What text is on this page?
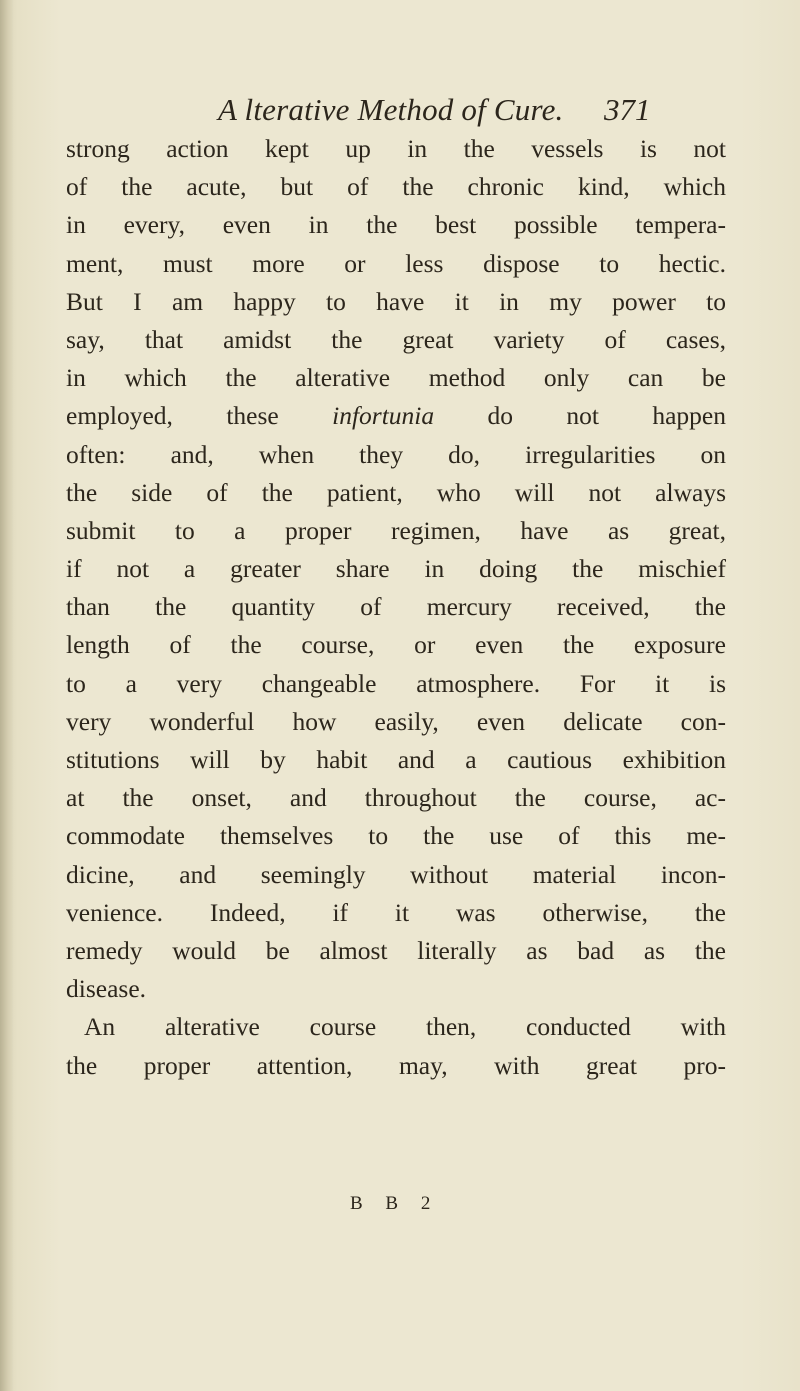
A lterative Method of Cure. 371
strong action kept up in the vessels is not
of the acute, but of the chronic kind, which
in every, even in the best possible tempera-
ment, must more or less dispose to hectic.
But I am happy to have it in my power to
say, that amidst the great variety of cases,
in which the alterative method only can be
employed, these infortunia do not happen
often: and, when they do, irregularities on
the side of the patient, who will not always
submit to a proper regimen, have as great,
if not a greater share in doing the mischief
than the quantity of mercury received, the
length of the course, or even the exposure
to a very changeable atmosphere. For it is
very wonderful how easily, even delicate con-
stitutions will by habit and a cautious exhibition
at the onset, and throughout the course, ac-
commodate themselves to the use of this me-
dicine, and seemingly without material incon-
venience. Indeed, if it was otherwise, the
remedy would be almost literally as bad as the
disease.
An alterative course then, conducted with
the proper attention, may, with great pro-
B B 2
